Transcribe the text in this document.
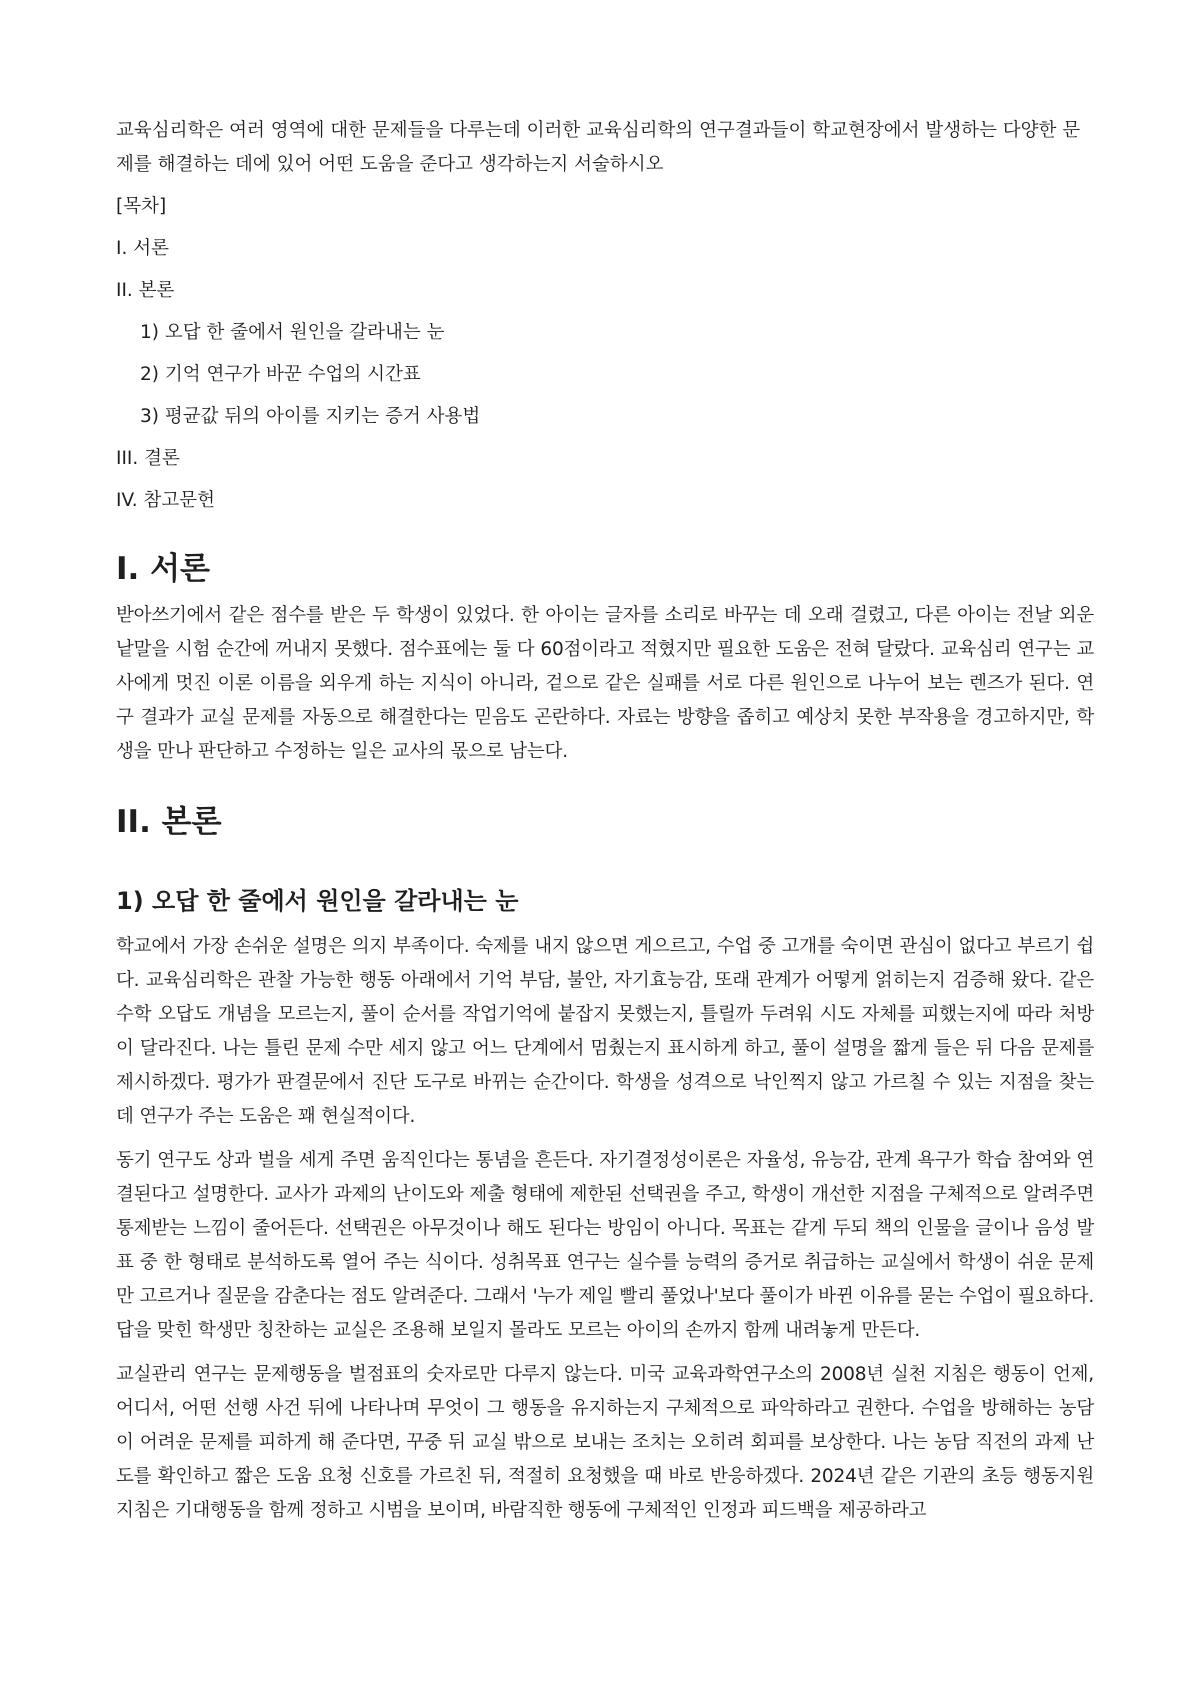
교육심리학은 여러 영역에 대한 문제들을 다루는데 이러한 교육심리학의 연구결과들이 학교현장에서 발생하는 다양한 문제를 해결하는 데에 있어 어떤 도움을 준다고 생각하는지 서술하시오

[목차]
I. 서론
II. 본론
1) 오답 한 줄에서 원인을 갈라내는 눈
2) 기억 연구가 바꾼 수업의 시간표
3) 평균값 뒤의 아이를 지키는 증거 사용법
III. 결론
IV. 참고문헌
I. 서론

받아쓰기에서 같은 점수를 받은 두 학생이 있었다. 한 아이는 글자를 소리로 바꾸는 데 오래 걸렸고, 다른 아이는 전날 외운 낱말을 시험 순간에 꺼내지 못했다. 점수표에는 둘 다 60점이라고 적혔지만 필요한 도움은 전혀 달랐다. 교육심리 연구는 교사에게 멋진 이론 이름을 외우게 하는 지식이 아니라, 겉으로 같은 실패를 서로 다른 원인으로 나누어 보는 렌즈가 된다. 연구 결과가 교실 문제를 자동으로 해결한다는 믿음도 곤란하다. 자료는 방향을 좁히고 예상치 못한 부작용을 경고하지만, 학생을 만나 판단하고 수정하는 일은 교사의 몫으로 남는다.

II. 본론
1) 오답 한 줄에서 원인을 갈라내는 눈

학교에서 가장 손쉬운 설명은 의지 부족이다. 숙제를 내지 않으면 게으르고, 수업 중 고개를 숙이면 관심이 없다고 부르기 쉽다. 교육심리학은 관찰 가능한 행동 아래에서 기억 부담, 불안, 자기효능감, 또래 관계가 어떻게 얽히는지 검증해 왔다. 같은 수학 오답도 개념을 모르는지, 풀이 순서를 작업기억에 붙잡지 못했는지, 틀릴까 두려워 시도 자체를 피했는지에 따라 처방이 달라진다. 나는 틀린 문제 수만 세지 않고 어느 단계에서 멈췄는지 표시하게 하고, 풀이 설명을 짧게 들은 뒤 다음 문제를 제시하겠다. 평가가 판결문에서 진단 도구로 바뀌는 순간이다. 학생을 성격으로 낙인찍지 않고 가르칠 수 있는 지점을 찾는 데 연구가 주는 도움은 꽤 현실적이다.

동기 연구도 상과 벌을 세게 주면 움직인다는 통념을 흔든다. 자기결정성이론은 자율성, 유능감, 관계 욕구가 학습 참여와 연결된다고 설명한다. 교사가 과제의 난이도와 제출 형태에 제한된 선택권을 주고, 학생이 개선한 지점을 구체적으로 알려주면 통제받는 느낌이 줄어든다. 선택권은 아무것이나 해도 된다는 방임이 아니다. 목표는 같게 두되 책의 인물을 글이나 음성 발표 중 한 형태로 분석하도록 열어 주는 식이다. 성취목표 연구는 실수를 능력의 증거로 취급하는 교실에서 학생이 쉬운 문제만 고르거나 질문을 감춘다는 점도 알려준다. 그래서 '누가 제일 빨리 풀었나'보다 풀이가 바뀐 이유를 묻는 수업이 필요하다. 답을 맞힌 학생만 칭찬하는 교실은 조용해 보일지 몰라도 모르는 아이의 손까지 함께 내려놓게 만든다.

교실관리 연구는 문제행동을 벌점표의 숫자로만 다루지 않는다. 미국 교육과학연구소의 2008년 실천 지침은 행동이 언제, 어디서, 어떤 선행 사건 뒤에 나타나며 무엇이 그 행동을 유지하는지 구체적으로 파악하라고 권한다. 수업을 방해하는 농담이 어려운 문제를 피하게 해 준다면, 꾸중 뒤 교실 밖으로 보내는 조치는 오히려 회피를 보상한다. 나는 농담 직전의 과제 난도를 확인하고 짧은 도움 요청 신호를 가르친 뒤, 적절히 요청했을 때 바로 반응하겠다. 2024년 같은 기관의 초등 행동지원 지침은 기대행동을 함께 정하고 시범을 보이며, 바람직한 행동에 구체적인 인정과 피드백을 제공하라고
